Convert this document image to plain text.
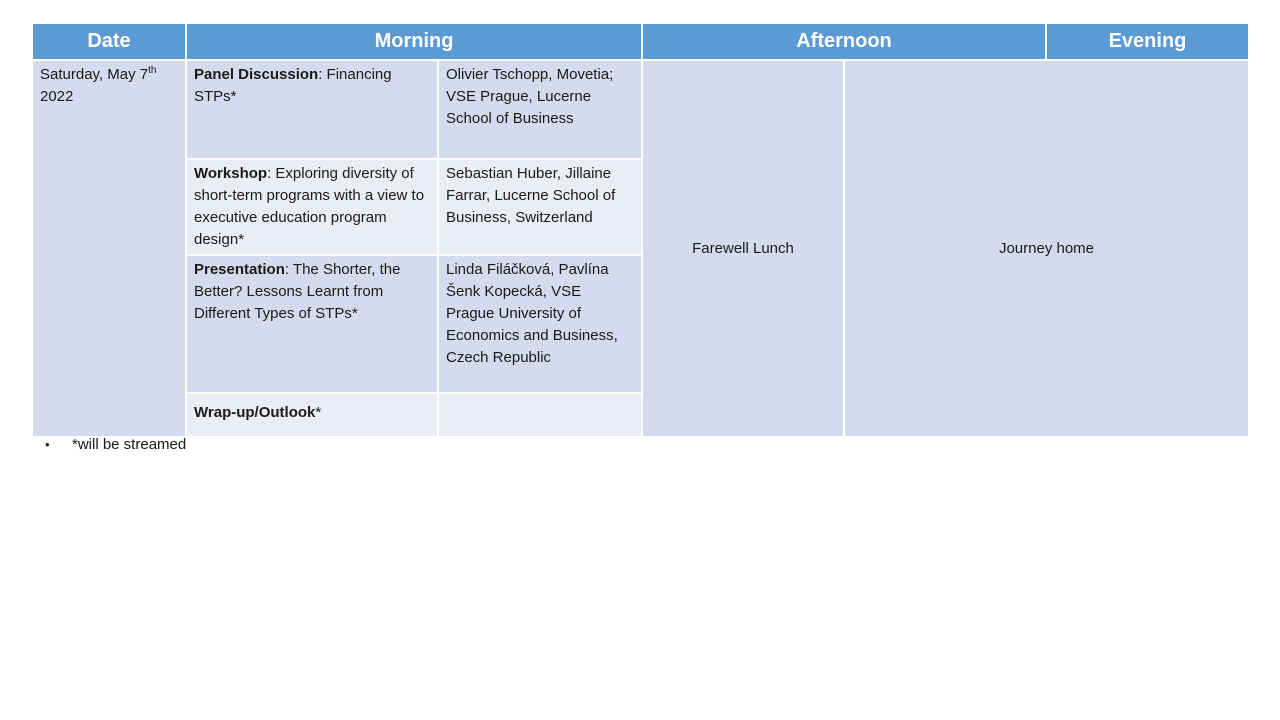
Date	Morning		Afternoon		Evening
Saturday, May 7th 2022	Panel Discussion: Financing STPs*	Olivier Tschopp, Movetia; VSE Prague, Lucerne School of Business	Farewell Lunch	Journey home	
	Workshop: Exploring diversity of short-term programs with a view to executive education program design*	Sebastian Huber, Jillaine Farrar, Lucerne School of Business, Switzerland			
	Presentation: The Shorter, the Better? Lessons Learnt from Different Types of STPs*	Linda Filáčková, Pavlína Šenk Kopecká, VSE Prague University of Economics and Business, Czech Republic			
	Wrap-up/Outlook*				
•	*will be streamed
